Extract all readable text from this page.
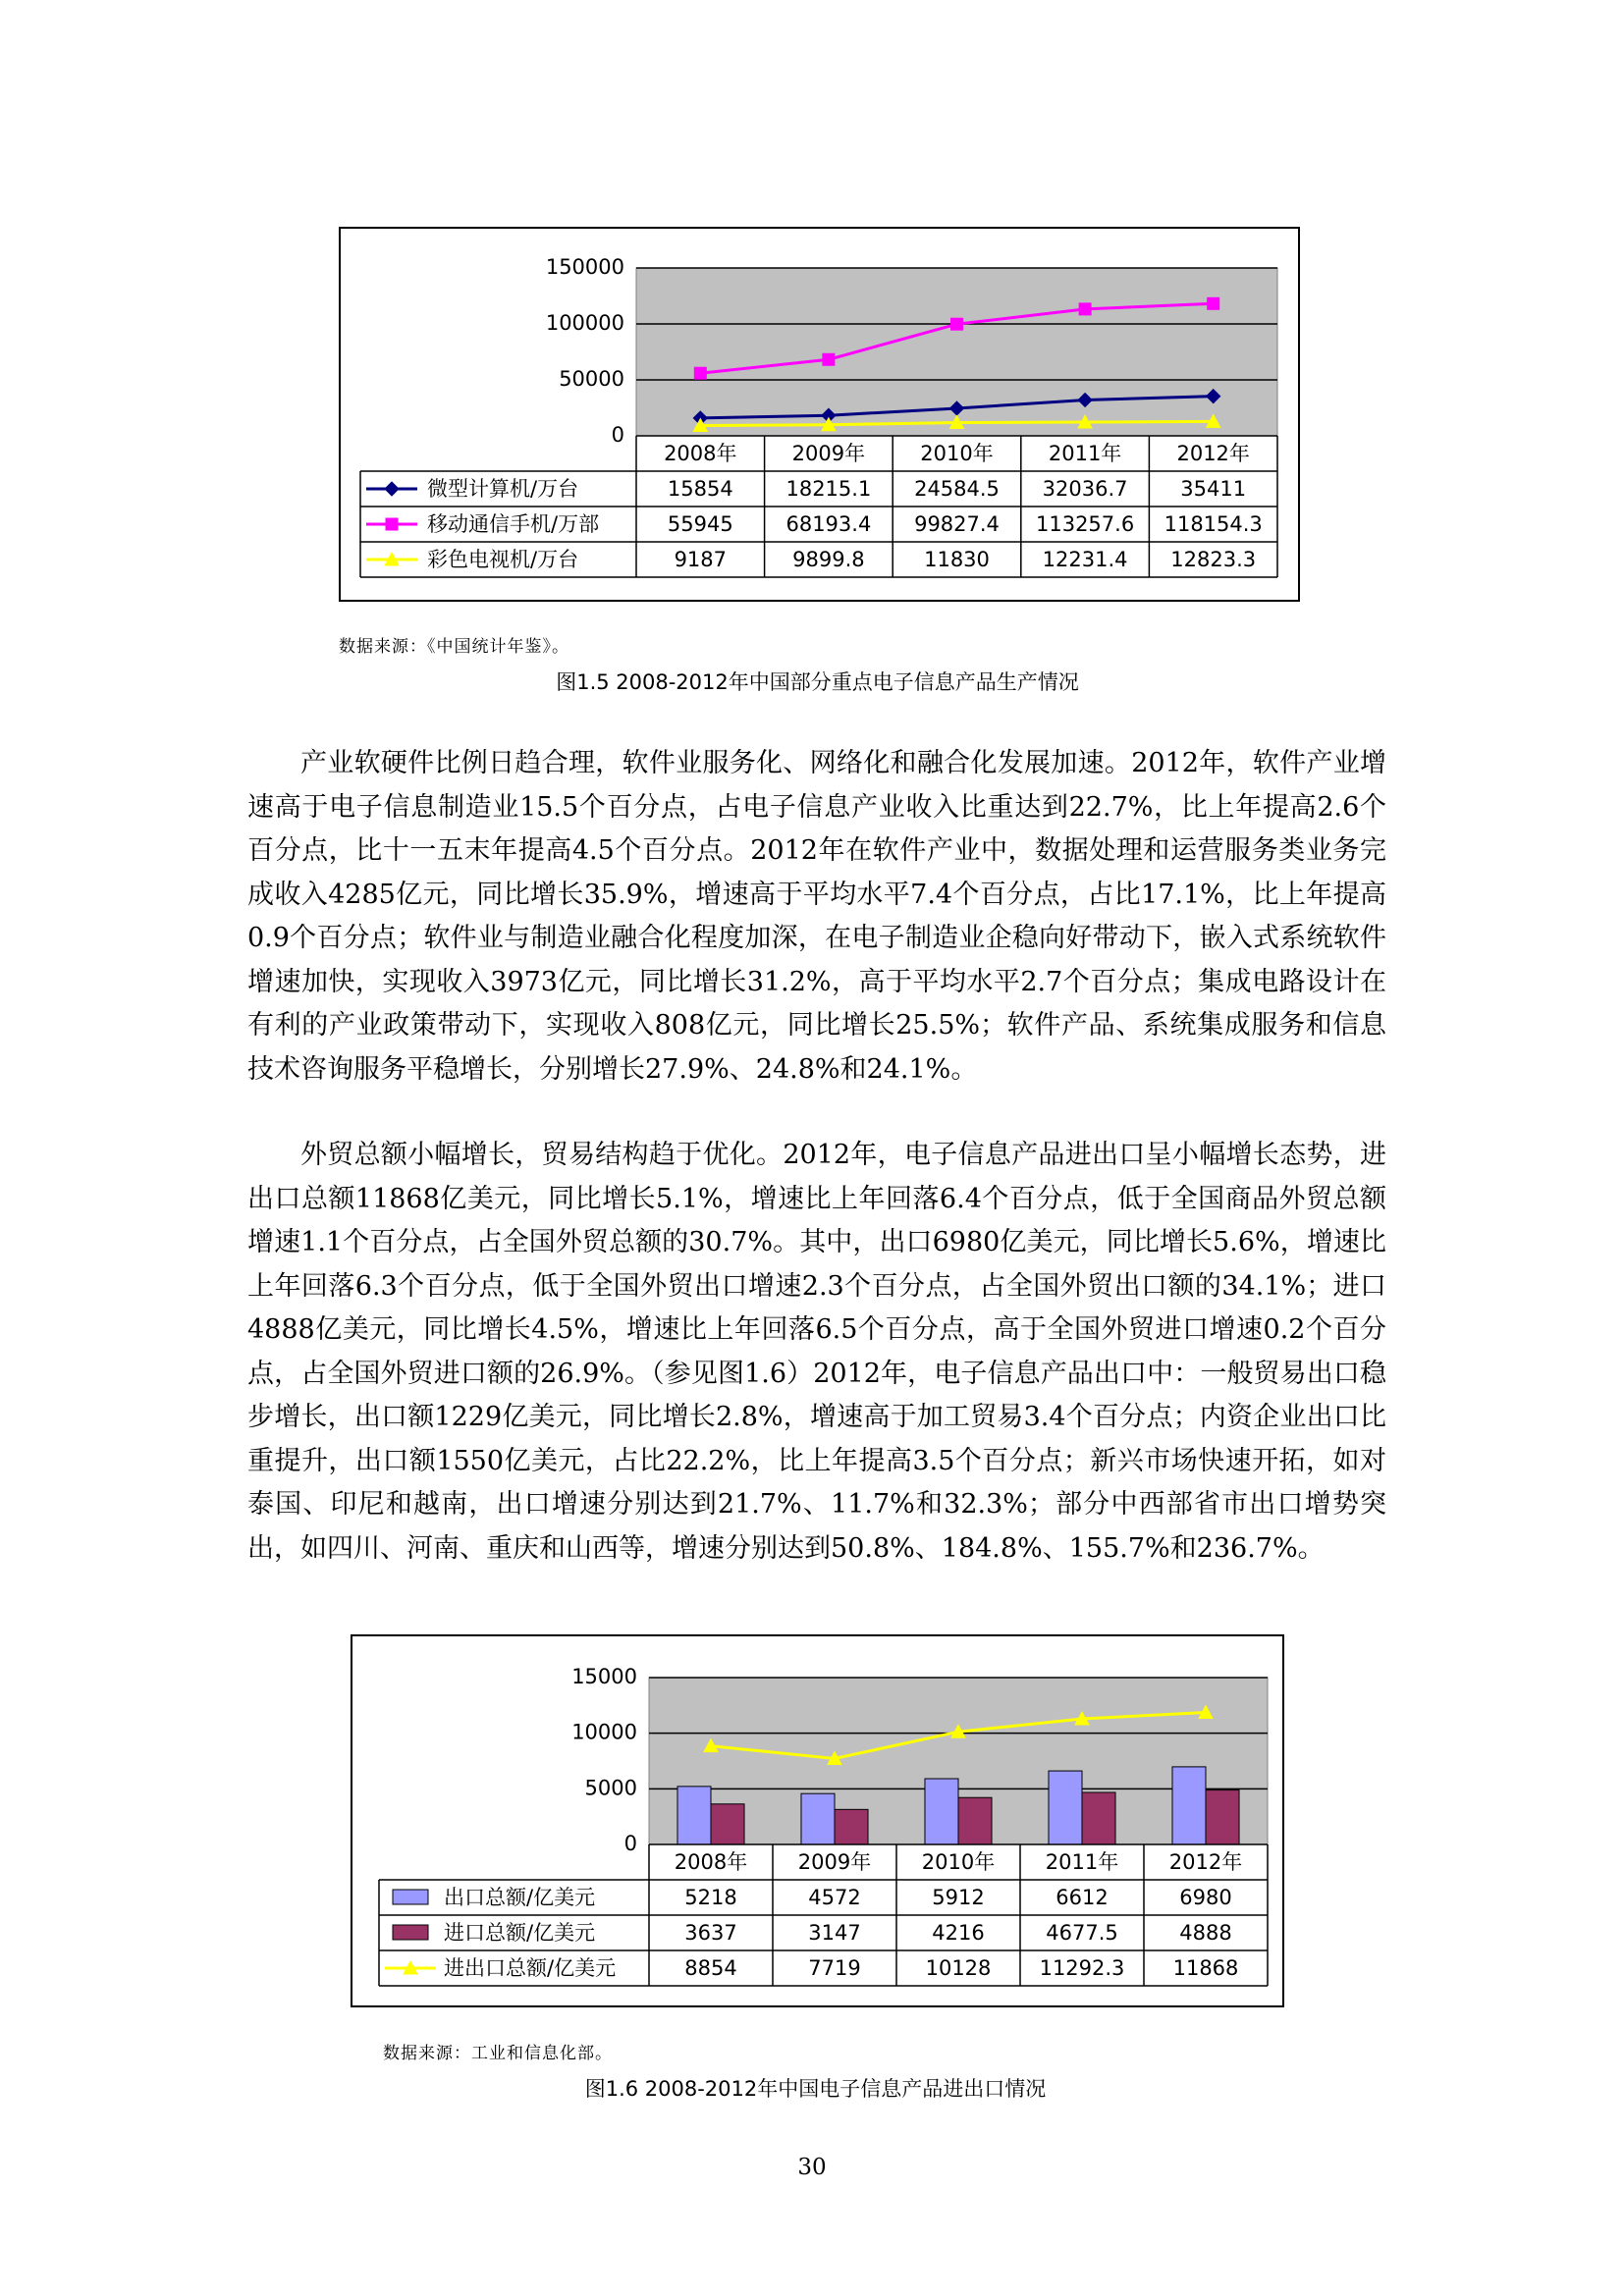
0
50000
100000
150000
2008年	2009年	2010年	2011年	2012年
微型计算机/万台	15854	18215.1 24584.5 32036.7	35411
移动通信手机/万部	55945	68193.4 99827.4 113257.6 118154.3
彩色电视机/万台	9187	9899.8	11830	12231.4 12823.3
数据来源：《中国统计年鉴》。
图1.5 2008-2012年中国部分重点电子信息产品生产情况

产业软硬件比例日趋合理，软件业服务化、网络化和融合化发展加速。2012年，软件产业增速高于电子信息制造业15.5个百分点，占电子信息产业收入比重达到22.7%，比上年提高2.6个百分点，比十一五末年提高4.5个百分点。2012年在软件产业中，数据处理和运营服务类业务完成收入4285亿元，同比增长35.9%，增速高于平均水平7.4个百分点，占比17.1%，比上年提高0.9个百分点；软件业与制造业融合化程度加深，在电子制造业企稳向好带动下，嵌入式系统软件增速加快，实现收入3973亿元，同比增长31.2%，高于平均水平2.7个百分点；集成电路设计在有利的产业政策带动下，实现收入808亿元，同比增长25.5%；软件产品、系统集成服务和信息技术咨询服务平稳增长，分别增长27.9%、24.8%和24.1%。

外贸总额小幅增长，贸易结构趋于优化。2012年，电子信息产品进出口呈小幅增长态势，进出口总额11868亿美元，同比增长5.1%，增速比上年回落6.4个百分点，低于全国商品外贸总额增速1.1个百分点，占全国外贸总额的30.7%。其中，出口6980亿美元，同比增长5.6%，增速比上年回落6.3个百分点，低于全国外贸出口增速2.3个百分点，占全国外贸出口额的34.1%；进口4888亿美元，同比增长4.5%，增速比上年回落6.5个百分点，高于全国外贸进口增速0.2个百分点，占全国外贸进口额的26.9%。（参见图1.6）2012年，电子信息产品出口中：一般贸易出口稳步增长，出口额1229亿美元，同比增长2.8%，增速高于加工贸易3.4个百分点；内资企业出口比重提升，出口额1550亿美元，占比22.2%，比上年提高3.5个百分点；新兴市场快速开拓，如对泰国、印尼和越南，出口增速分别达到21.7%、11.7%和32.3%；部分中西部省市出口增势突出，如四川、河南、重庆和山西等，增速分别达到50.8%、184.8%、155.7%和236.7%。

0
5000
10000
15000
2008年 2009年 2010年 2011年 2012年
出口总额/亿美元	5218	4572	5912	6612	6980
进口总额/亿美元	3637	3147	4216	4677.5	4888
进出口总额/亿美元	8854	7719	10128 11292.3 11868
数据来源：工业和信息化部。
图1.6 2008-2012年中国电子信息产品进出口情况
30
